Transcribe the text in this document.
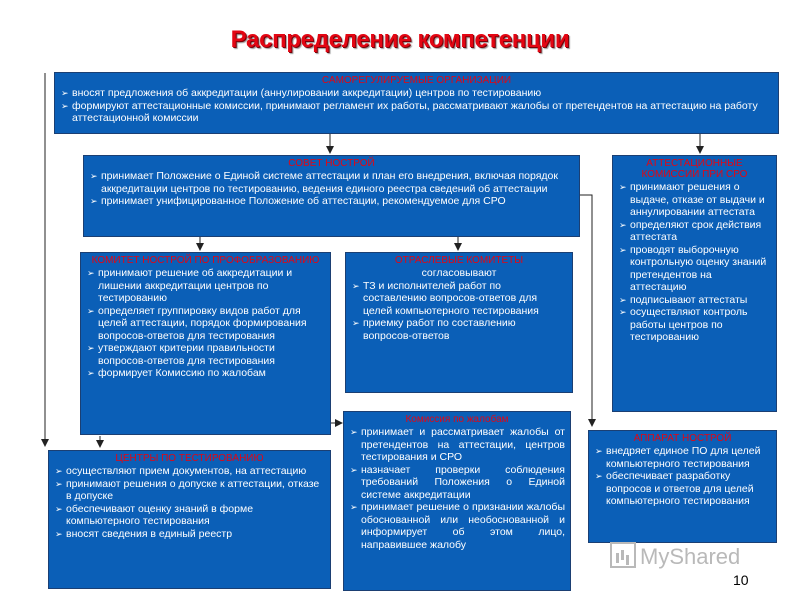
Распределение компетенции
САМОРЕГУЛИРУЕМЫЕ ОРГАНИЗАЦИИ
➢ вносят предложения об аккредитации (аннулировании аккредитации) центров по тестированию
➢ формируют аттестационные комиссии, принимают регламент их работы, рассматривают жалобы от претендентов на аттестацию на работу аттестационной комиссии
СОВЕТ НОСТРОЙ
➢ принимает Положение о Единой системе аттестации и план его внедрения, включая порядок аккредитации центров по тестированию, ведения единого реестра сведений об аттестации
➢ принимает унифицированное Положение об аттестации, рекомендуемое для СРО
АТТЕСТАЦИОННЫЕ КОМИССИИ ПРИ СРО
➢ принимают решения о выдаче, отказе от выдачи и аннулировании аттестата
➢ определяют срок действия аттестата
➢ проводят выборочную контрольную оценку знаний претендентов на аттестацию
➢ подписывают аттестаты
➢ осуществляют контроль работы центров по тестированию
КОМИТЕТ НОСТРОЙ ПО ПРОФОБРАЗОВАНИЮ
➢ принимают решение об аккредитации и лишении аккредитации центров по тестированию
➢ определяет группировку видов работ для целей аттестации, порядок формирования вопросов-ответов для тестирования
➢ утверждают критерии правильности вопросов-ответов для тестирования
➢ формирует Комиссию по жалобам
ОТРАСЛЕВЫЕ КОМИТЕТЫ
согласовывают
➢ ТЗ и исполнителей работ по составлению вопросов-ответов для целей компьютерного тестирования
➢ приемку работ по составлению вопросов-ответов
Комиссия по жалобам
➢ принимает и рассматривает жалобы от претендентов на аттестации, центров тестирования и СРО
➢ назначает проверки соблюдения требований Положения о Единой системе аккредитации
➢ принимает решение о признании жалобы обоснованной или необоснованной и информирует об этом лицо, направившее жалобу
ЦЕНТРЫ ПО ТЕСТИРОВАНИЮ
➢ осуществляют прием документов, на аттестацию
➢ принимают решения о допуске к аттестации, отказе в допуске
➢ обеспечивают оценку знаний в форме компьютерного тестирования
➢ вносят сведения в единый реестр
АППАРАТ НОСТРОЙ
➢ внедряет единое ПО для целей компьютерного тестирования
➢ обеспечивает разработку вопросов и ответов для целей компьютерного тестирования
MyShared
10
